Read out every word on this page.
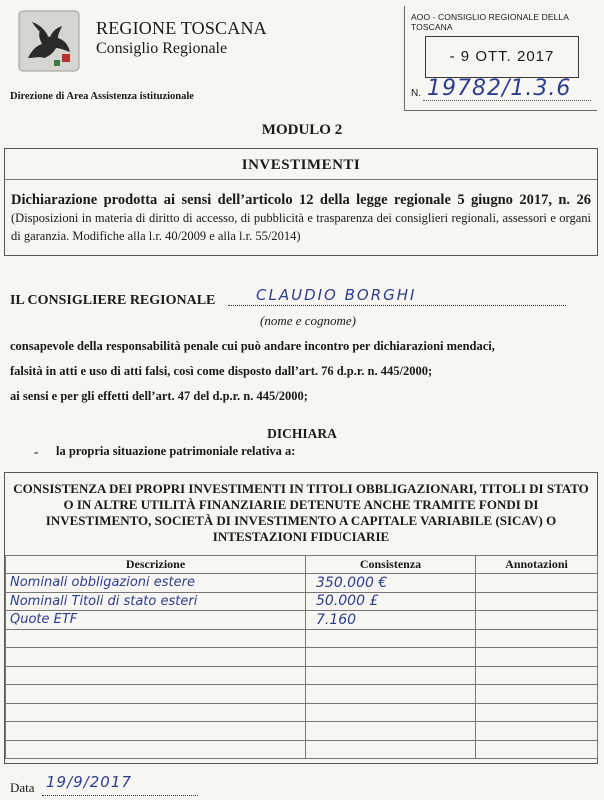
REGIONE TOSCANA
Consiglio Regionale
Direzione di Area Assistenza istituzionale
AOO - CONSIGLIO REGIONALE DELLA TOSCANA
- 9 OTT. 2017
N. 19782/1.3.6
MODULO 2
INVESTIMENTI
Dichiarazione prodotta ai sensi dell’articolo 12 della legge regionale 5 giugno 2017, n. 26 (Disposizioni in materia di diritto di accesso, di pubblicità e trasparenza dei consiglieri regionali, assessori e organi di garanzia. Modifiche alla l.r. 40/2009 e alla l.r. 55/2014)
IL CONSIGLIERE REGIONALE	CLAUDIO BORGHI
(nome e cognome)
consapevole della responsabilità penale cui può andare incontro per dichiarazioni mendaci,
falsità in atti e uso di atti falsi, così come disposto dall’art. 76 d.p.r. n. 445/2000;
ai sensi e per gli effetti dell’art. 47 del d.p.r. n. 445/2000;
DICHIARA
- la propria situazione patrimoniale relativa a:
CONSISTENZA DEI PROPRI INVESTIMENTI IN TITOLI OBBLIGAZIONARI, TITOLI DI STATO O IN ALTRE UTILITÀ FINANZIARIE DETENUTE ANCHE TRAMITE FONDI DI INVESTIMENTO, SOCIETÀ DI INVESTIMENTO A CAPITALE VARIABILE (SICAV) O INTESTAZIONI FIDUCIARIE
Descrizione	Consistenza	Annotazioni
Nominali obbligazioni estere	350.000 €	
Nominali Titoli di stato esteri	50.000 £	
Quote ETF	7.160	

Data 19/9/2017
